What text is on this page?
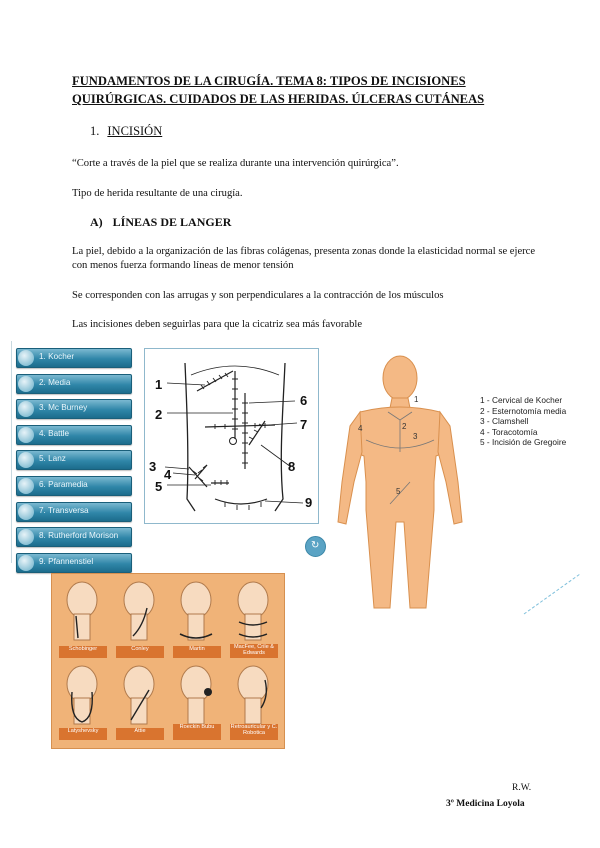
FUNDAMENTOS DE LA CIRUGÍA. TEMA 8: TIPOS DE INCISIONES QUIRÚRGICAS. CUIDADOS DE LAS HERIDAS. ÚLCERAS CUTÁNEAS
1. INCISIÓN
“Corte a través de la piel que se realiza durante una intervención quirúrgica”.
Tipo de herida resultante de una cirugía.
A) LÍNEAS DE LANGER
La piel, debido a la organización de las fibras colágenas, presenta zonas donde la elasticidad normal se ejerce con menos fuerza formando líneas de menor tensión
Se corresponden con las arrugas y son perpendiculares a la contracción de los músculos
Las incisiones deben seguirlas para que la cicatriz sea más favorable
1. Kocher
2. Media
3. Mc Burney
4. Battle
5. Lanz
6. Paramedia
7. Transversa
8. Rutherford Morison
9. Pfannenstiel
1
2
3
4
5
6
7
8
9
1
2
3
4
5
1 - Cervical de Kocher
2 - Esternotomía media
3 - Clamshell
4 - Toracotomía
5 - Incisión de Gregoire
↻
Schobinger	Conley	Martin	MacFee, Crile & Edwards
Latyshevsky	Attie
Roeckin Bubu	Retroauricular y C. Robotica
R.W.
3º Medicina Loyola
